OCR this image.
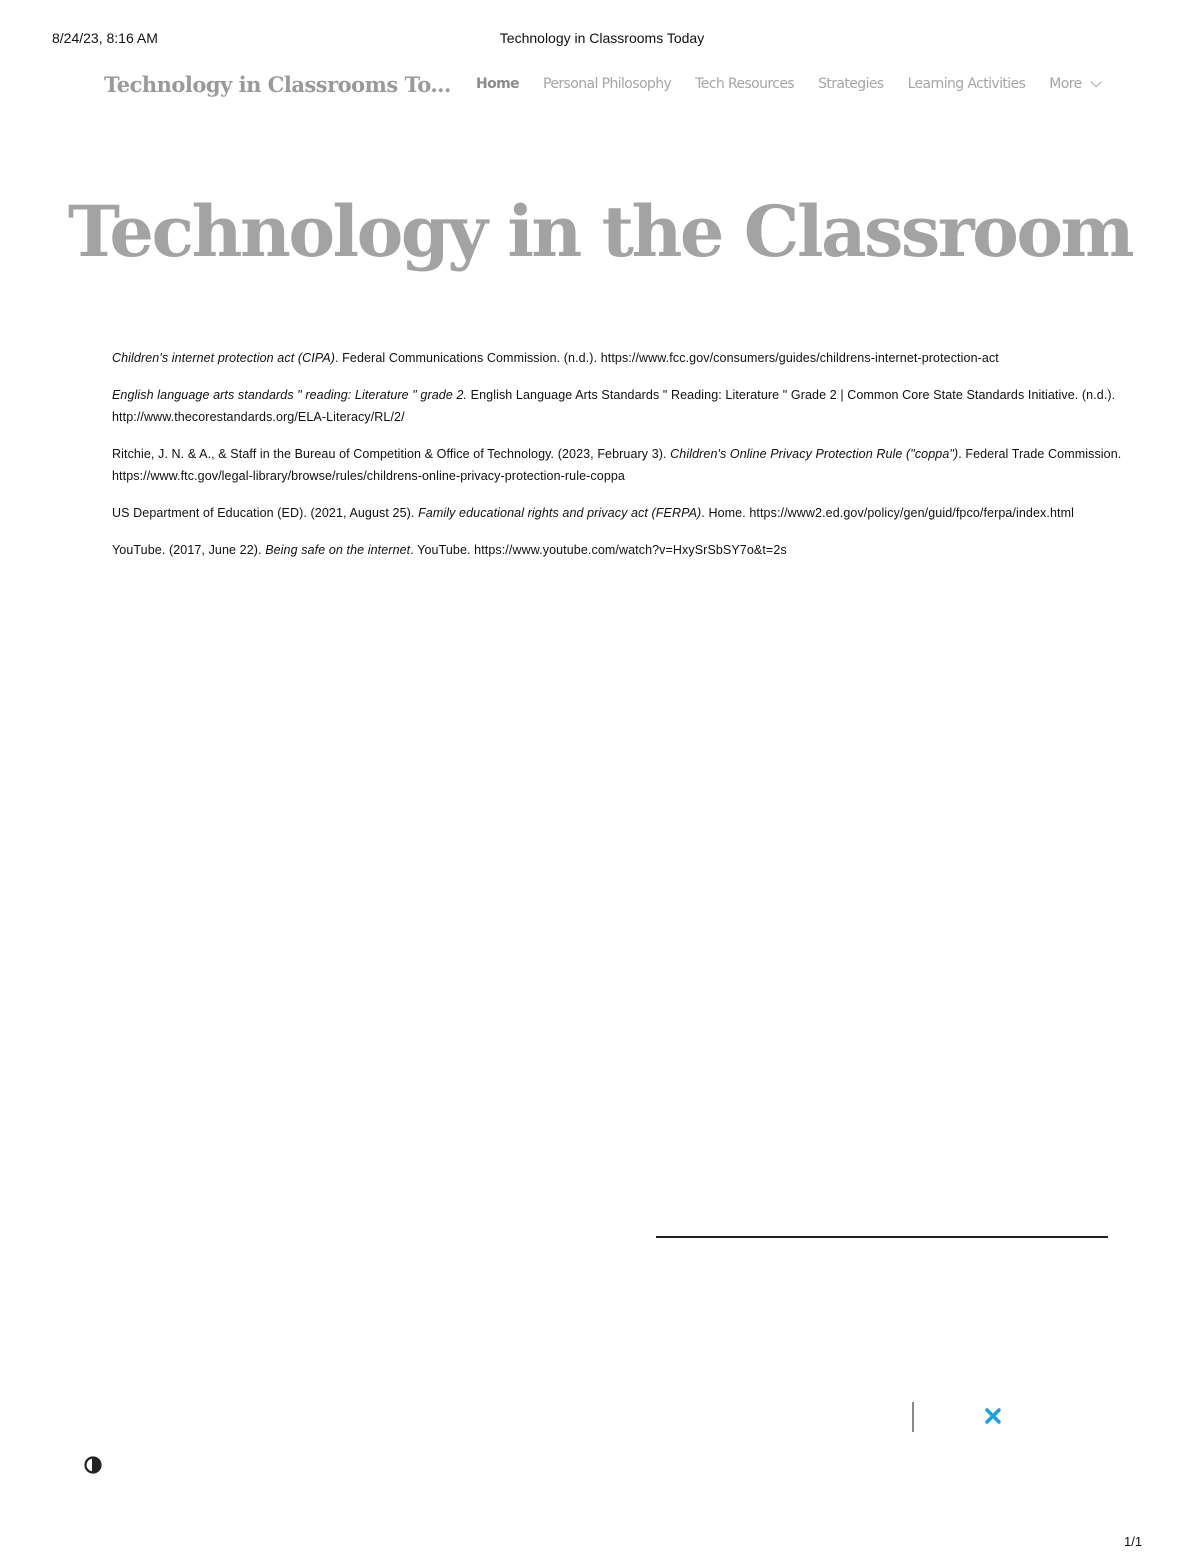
8/24/23, 8:16 AM	Technology in Classrooms Today
Technology in Classrooms To... Home Personal Philosophy Tech Resources Strategies Learning Activities More
Technology in the Classroom

Children's internet protection act (CIPA). Federal Communications Commission. (n.d.). https://www.fcc.gov/consumers/guides/childrens-internet-protection-act

English language arts standards " reading: Literature " grade 2. English Language Arts Standards " Reading: Literature " Grade 2 | Common Core State Standards Initiative. (n.d.). http://www.thecorestandards.org/ELA-Literacy/RL/2/

Ritchie, J. N. & A., & Staff in the Bureau of Competition & Office of Technology. (2023, February 3). Children's Online Privacy Protection Rule ("coppa"). Federal Trade Commission. https://www.ftc.gov/legal-library/browse/rules/childrens-online-privacy-protection-rule-coppa

US Department of Education (ED). (2021, August 25). Family educational rights and privacy act (FERPA). Home. https://www2.ed.gov/policy/gen/guid/fpco/ferpa/index.html

YouTube. (2017, June 22). Being safe on the internet. YouTube. https://www.youtube.com/watch?v=HxySrSbSY7o&t=2s

1/1
